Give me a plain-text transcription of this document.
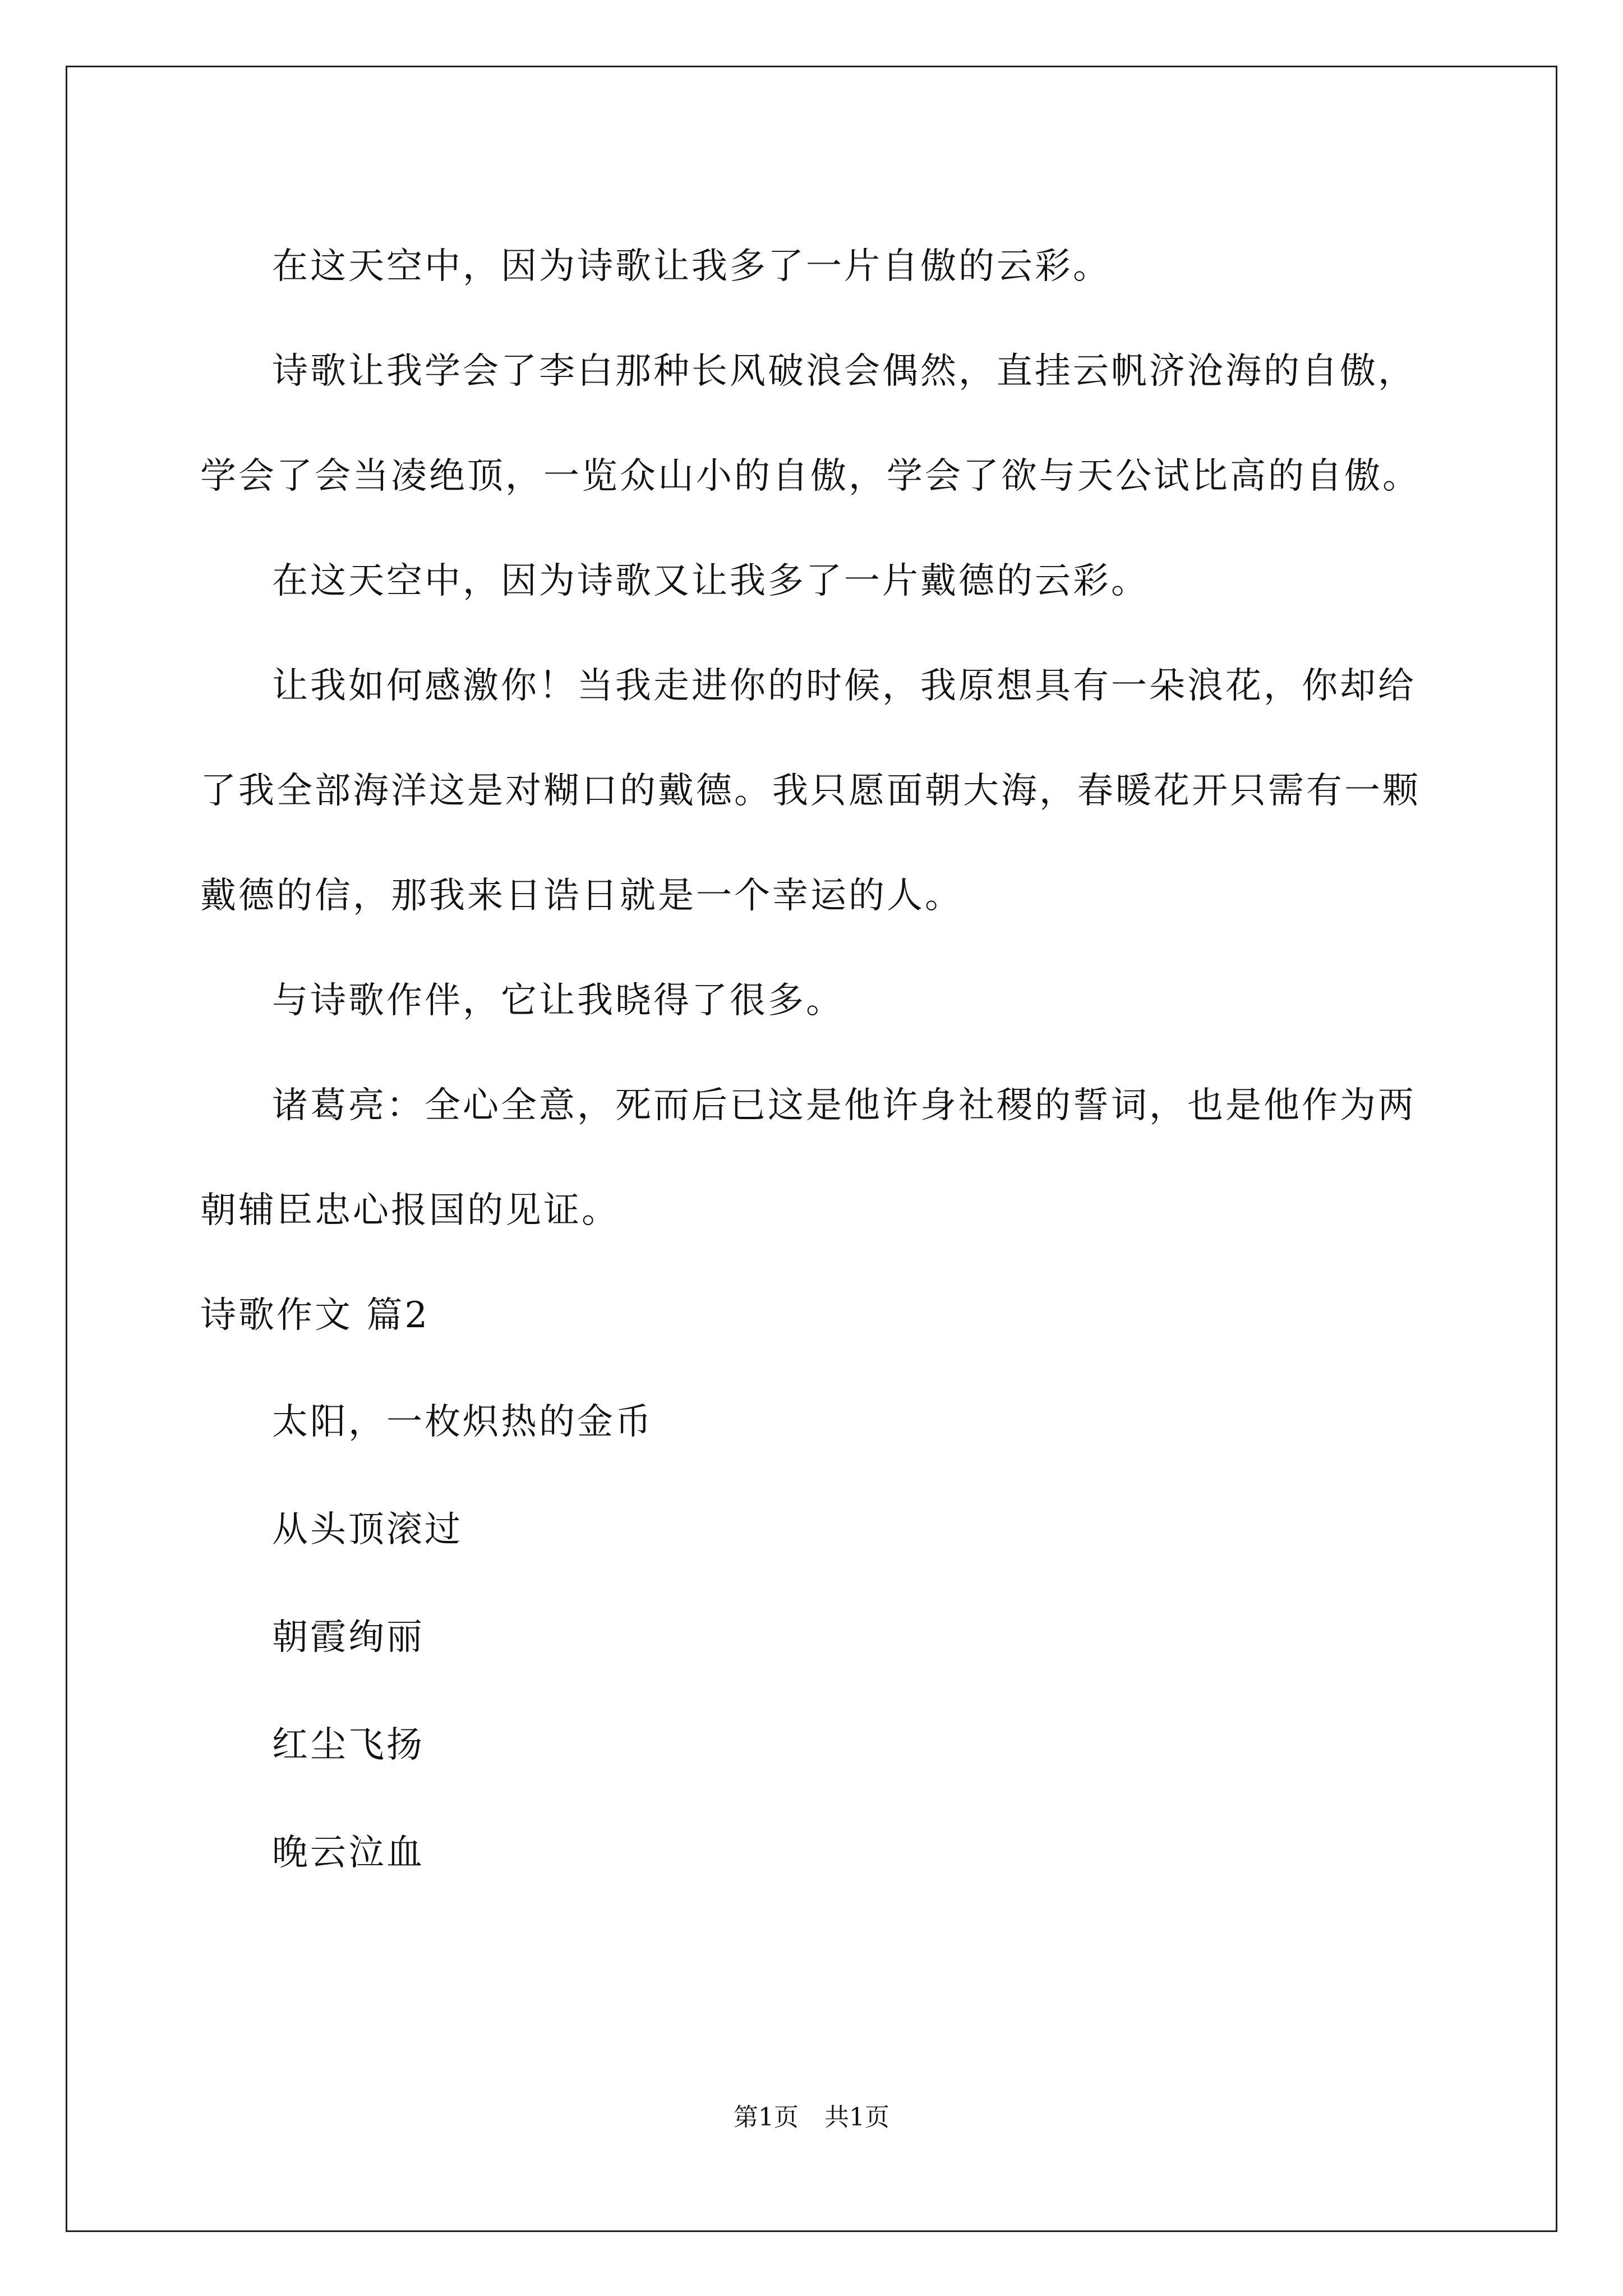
在这天空中，因为诗歌让我多了一片自傲的云彩。

诗歌让我学会了李白那种长风破浪会偶然，直挂云帆济沧海的自傲，学会了会当凌绝顶，一览众山小的自傲，学会了欲与天公试比高的自傲。

在这天空中，因为诗歌又让我多了一片戴德的云彩。

让我如何感激你！当我走进你的时候，我原想具有一朵浪花，你却给了我全部海洋这是对糊口的戴德。我只愿面朝大海，春暖花开只需有一颗戴德的信，那我来日诰日就是一个幸运的人。

与诗歌作伴，它让我晓得了很多。

诸葛亮：全心全意，死而后已这是他许身社稷的誓词，也是他作为两朝辅臣忠心报国的见证。

诗歌作文 篇2

太阳，一枚炽热的金币

从头顶滚过

朝霞绚丽

红尘飞扬

晚云泣血

第1页 共1页
